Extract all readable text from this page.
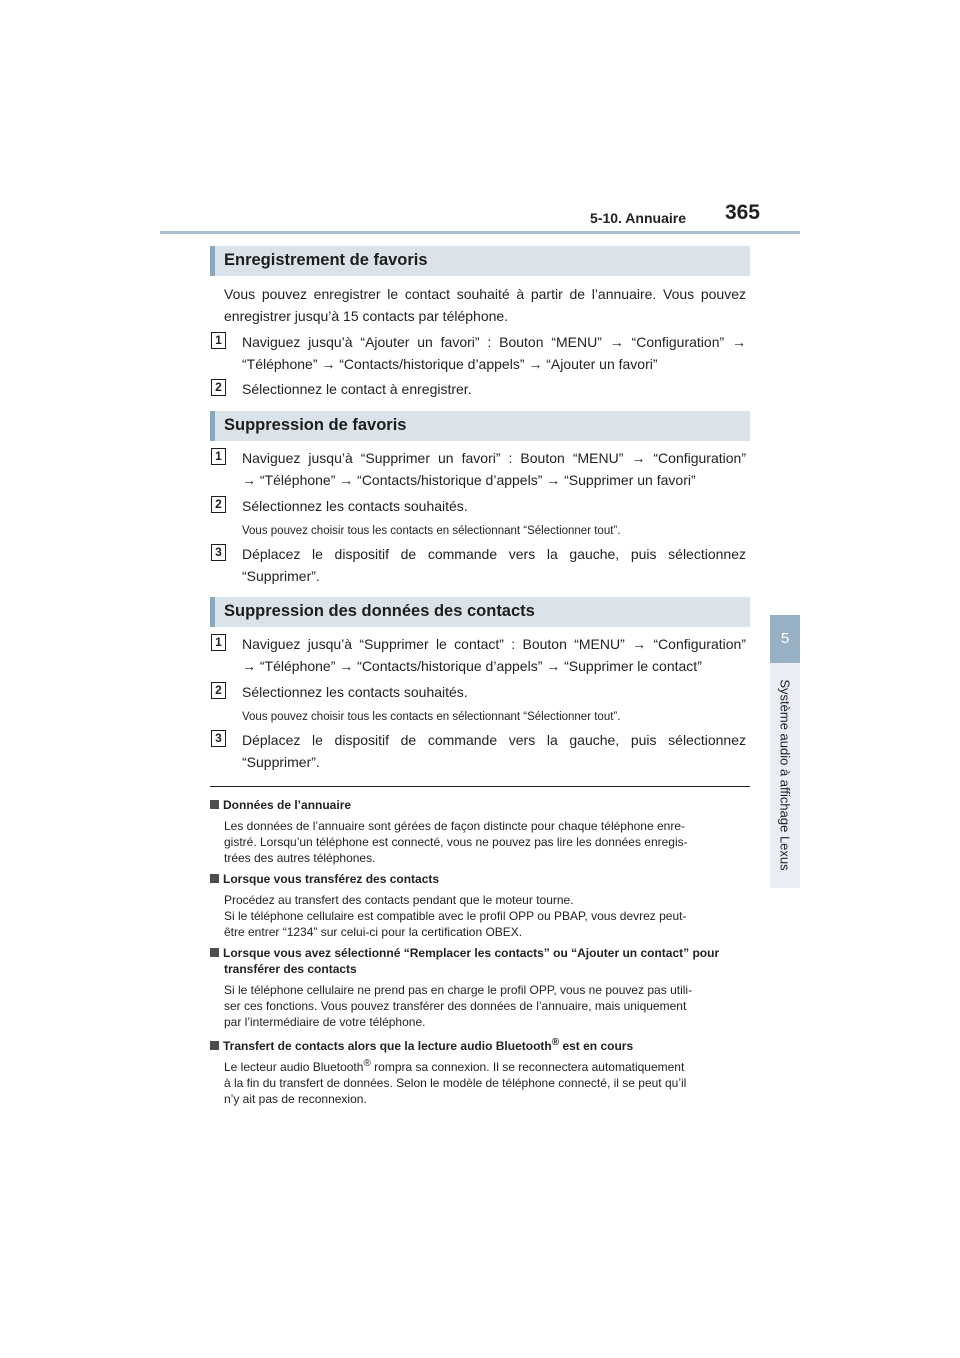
5-10. Annuaire 365
5
Système audio à affichage Lexus
Enregistrement de favoris
Vous pouvez enregistrer le contact souhaité à partir de l’annuaire. Vous pouvez
enregistrer jusqu’à 15 contacts par téléphone.
1 Naviguez jusqu’à “Ajouter un favori” : Bouton “MENU” → “Configuration” →
“Téléphone” → “Contacts/historique d’appels” → “Ajouter un favori”
2 Sélectionnez le contact à enregistrer.
Suppression de favoris
1 Naviguez jusqu’à “Supprimer un favori” : Bouton “MENU” → “Configuration”
→ “Téléphone” → “Contacts/historique d’appels” → “Supprimer un favori”
2 Sélectionnez les contacts souhaités.
Vous pouvez choisir tous les contacts en sélectionnant “Sélectionner tout”.
3 Déplacez le dispositif de commande vers la gauche, puis sélectionnez
“Supprimer”.
Suppression des données des contacts
1 Naviguez jusqu’à “Supprimer le contact” : Bouton “MENU” → “Configuration”
→ “Téléphone” → “Contacts/historique d’appels” → “Supprimer le contact”
2 Sélectionnez les contacts souhaités.
Vous pouvez choisir tous les contacts en sélectionnant “Sélectionner tout”.
3 Déplacez le dispositif de commande vers la gauche, puis sélectionnez
“Supprimer”.
Données de l’annuaire
Les données de l’annuaire sont gérées de façon distincte pour chaque téléphone enre-
gistré. Lorsqu’un téléphone est connecté, vous ne pouvez pas lire les données enregis-
trées des autres téléphones.
Lorsque vous transférez des contacts
Procédez au transfert des contacts pendant que le moteur tourne.
Si le téléphone cellulaire est compatible avec le profil OPP ou PBAP, vous devrez peut-
être entrer “1234” sur celui-ci pour la certification OBEX.
Lorsque vous avez sélectionné “Remplacer les contacts” ou “Ajouter un contact” pour
transférer des contacts
Si le téléphone cellulaire ne prend pas en charge le profil OPP, vous ne pouvez pas utili-
ser ces fonctions. Vous pouvez transférer des données de l’annuaire, mais uniquement
par l’intermédiaire de votre téléphone.
Transfert de contacts alors que la lecture audio Bluetooth® est en cours
Le lecteur audio Bluetooth® rompra sa connexion. Il se reconnectera automatiquement
à la fin du transfert de données. Selon le modèle de téléphone connecté, il se peut qu’il
n’y ait pas de reconnexion.
